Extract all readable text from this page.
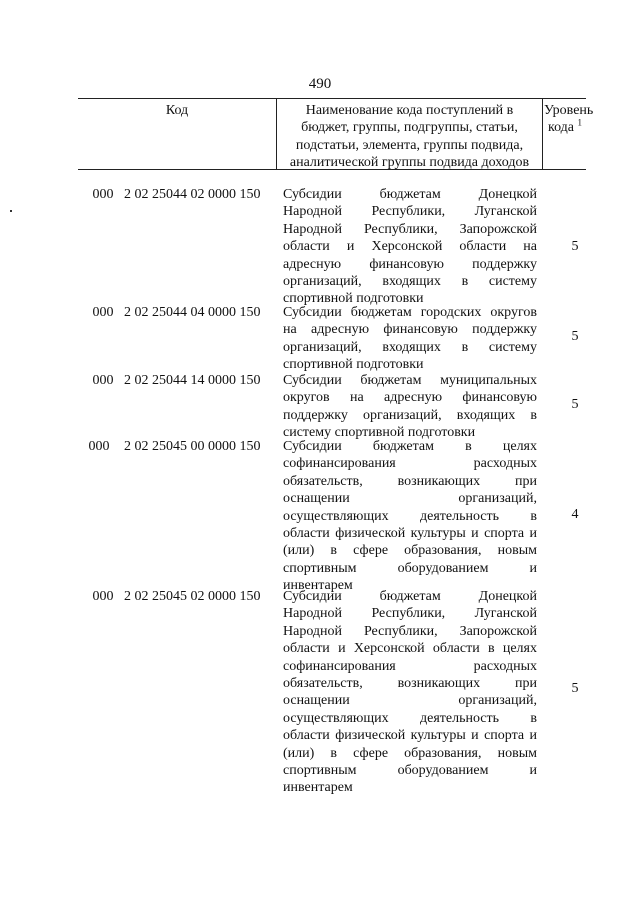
490
Код	Наименование кода поступлений в
бюджет, группы, подгруппы, статьи,
подстатьи, элемента, группы подвида,
аналитической группы подвида доходов
Уровень
кода $^1$
000 2 02 25044 02 0000 150 Субсидии бюджетам Донецкой
Народной Республики, Луганской
Народной Республики, Запорожской
области и Херсонской области на
адресную финансовую поддержку
организаций, входящих в систему
спортивной подготовки
5
000 2 02 25044 04 0000 150 Субсидии бюджетам городских округов
на адресную финансовую поддержку
организаций, входящих в систему
спортивной подготовки
5
000 2 02 25044 14 0000 150 Субсидии бюджетам муниципальных
округов на адресную финансовую
поддержку организаций, входящих в
систему спортивной подготовки
5
000	2 02 25045 00 0000 150 Субсидии бюджетам в целях
софинансирования расходных
обязательств, возникающих при
оснащении организаций,
осуществляющих деятельность в
области физической культуры и спорта и
(или) в сфере образования, новым
спортивным оборудованием и
инвентарем
4
000 2 02 25045 02 0000 150 Субсидии бюджетам Донецкой
Народной Республики, Луганской
Народной Республики, Запорожской
области и Херсонской области в целях
софинансирования расходных
обязательств, возникающих при
оснащении организаций,
осуществляющих деятельность в
области физической культуры и спорта и
(или) в сфере образования, новым
спортивным оборудованием и
инвентарем
5
